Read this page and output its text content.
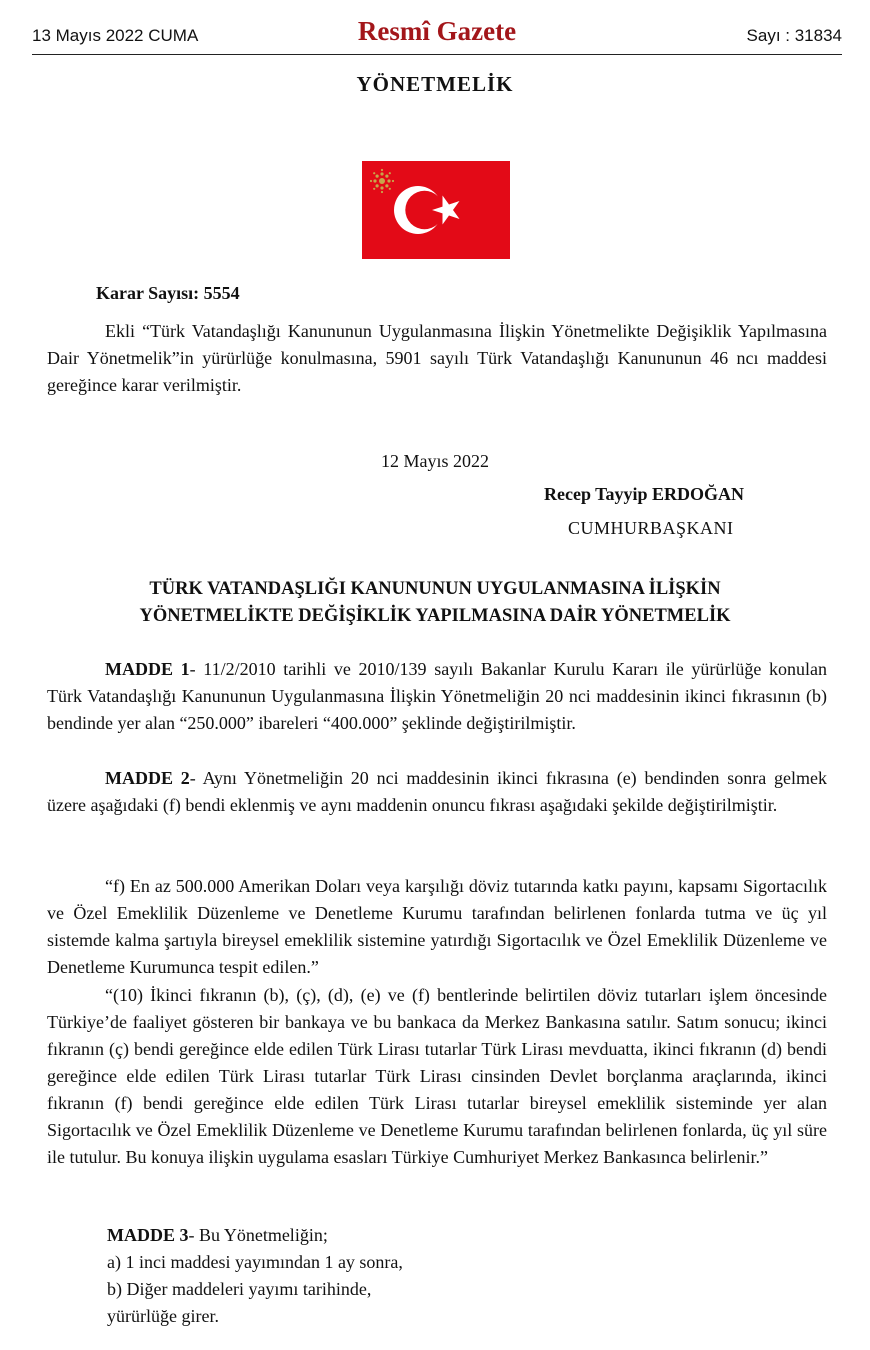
13 Mayıs 2022 CUMA	Resmî Gazete	Sayı : 31834
YÖNETMELİK
Karar Sayısı: 5554

Ekli “Türk Vatandaşlığı Kanununun Uygulanmasına İlişkin Yönetmelikte Değişiklik Yapılmasına Dair Yönetmelik”in yürürlüğe konulmasına, 5901 sayılı Türk Vatandaşlığı Kanununun 46 ncı maddesi gereğince karar verilmiştir.

12 Mayıs 2022
Recep Tayyip ERDOĞAN
CUMHURBAŞKANI
TÜRK VATANDAŞLIĞI KANUNUNUN UYGULANMASINA İLİŞKİN
YÖNETMELİKTE DEĞİŞİKLİK YAPILMASINA DAİR YÖNETMELİK

MADDE 1- 11/2/2010 tarihli ve 2010/139 sayılı Bakanlar Kurulu Kararı ile yürürlüğe konulan Türk Vatandaşlığı Kanununun Uygulanmasına İlişkin Yönetmeliğin 20 nci maddesinin ikinci fıkrasının (b) bendinde yer alan “250.000” ibareleri “400.000” şeklinde değiştirilmiştir.

MADDE 2- Aynı Yönetmeliğin 20 nci maddesinin ikinci fıkrasına (e) bendinden sonra gelmek üzere aşağıdaki (f) bendi eklenmiş ve aynı maddenin onuncu fıkrası aşağıdaki şekilde değiştirilmiştir.

“f) En az 500.000 Amerikan Doları veya karşılığı döviz tutarında katkı payını, kapsamı Sigortacılık ve Özel Emeklilik Düzenleme ve Denetleme Kurumu tarafından belirlenen fonlarda tutma ve üç yıl sistemde kalma şartıyla bireysel emeklilik sistemine yatırdığı Sigortacılık ve Özel Emeklilik Düzenleme ve Denetleme Kurumunca tespit edilen.”

“(10) İkinci fıkranın (b), (ç), (d), (e) ve (f) bentlerinde belirtilen döviz tutarları işlem öncesinde Türkiye’de faaliyet gösteren bir bankaya ve bu bankaca da Merkez Bankasına satılır. Satım sonucu; ikinci fıkranın (ç) bendi gereğince elde edilen Türk Lirası tutarlar Türk Lirası mevduatta, ikinci fıkranın (d) bendi gereğince elde edilen Türk Lirası tutarlar Türk Lirası cinsinden Devlet borçlanma araçlarında, ikinci fıkranın (f) bendi gereğince elde edilen Türk Lirası tutarlar bireysel emeklilik sisteminde yer alan Sigortacılık ve Özel Emeklilik Düzenleme ve Denetleme Kurumu tarafından belirlenen fonlarda, üç yıl süre ile tutulur. Bu konuya ilişkin uygulama esasları Türkiye Cumhuriyet Merkez Bankasınca belirlenir.”

MADDE 3- Bu Yönetmeliğin;
a) 1 inci maddesi yayımından 1 ay sonra,
b) Diğer maddeleri yayımı tarihinde,
yürürlüğe girer.
